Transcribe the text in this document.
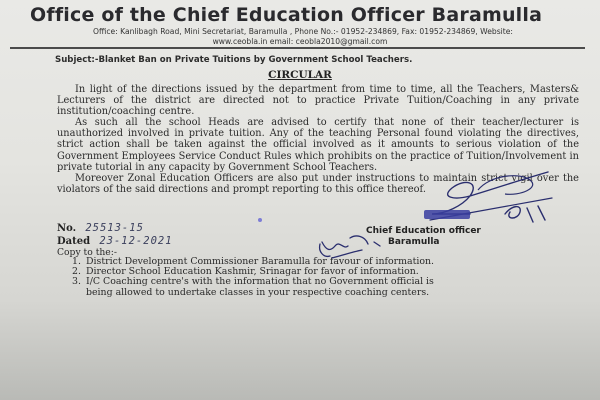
Office of the Chief Education Officer Baramulla
Office: Kanlibagh Road, Mini Secretariat, Baramulla , Phone No.:- 01952-234869, Fax: 01952-234869, Website:
www.ceobla.in email: ceobla2010@gmail.com
Subject:-Blanket Ban on Private Tuitions by Government School Teachers.
CIRCULAR

In light of the directions issued by the department from time to time, all the Teachers, Masters& Lecturers of the district are directed not to practice Private Tuition/Coaching in any private institution/coaching centre.

As such all the school Heads are advised to certify that none of their teacher/lecturer is unauthorized involved in private tuition. Any of the teaching Personal found violating the directives, strict action shall be taken against the official involved as it amounts to serious violation of the Government Employees Service Conduct Rules which prohibits on the practice of Tuition/Involvement in private tutorial in any capacity by Government School Teachers.

Moreover Zonal Education Officers are also put under instructions to maintain strict vigil over the violators of the said directions and prompt reporting to this office thereof.

No. 25513-15
Dated 23-12-2021
Chief Education officer
Baramulla
Copy to the:-
1. District Development Commissioner Baramulla for favour of information.
2. Director School Education Kashmir, Srinagar for favor of information.
3. I/C Coaching centre's with the information that no Government official is
being allowed to undertake classes in your respective coaching centers.
